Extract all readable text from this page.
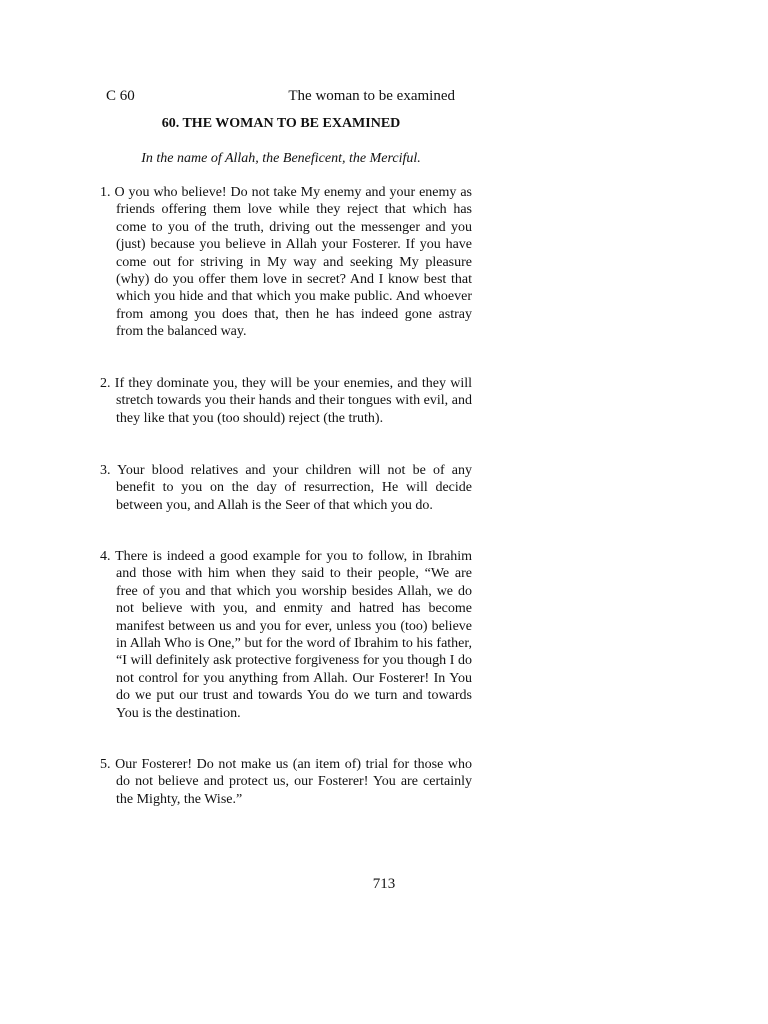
C 60	The woman to be examined
60. THE WOMAN TO BE EXAMINED
In the name of Allah, the Beneficent, the Merciful.

1. O you who believe! Do not take My enemy and your enemy as friends offering them love while they reject that which has come to you of the truth, driving out the messenger and you (just) because you believe in Allah your Fosterer. If you have come out for striving in My way and seeking My pleasure (why) do you offer them love in secret? And I know best that which you hide and that which you make public. And whoever from among you does that, then he has indeed gone astray from the balanced way.

2. If they dominate you, they will be your enemies, and they will stretch towards you their hands and their tongues with evil, and they like that you (too should) reject (the truth).

3. Your blood relatives and your children will not be of any benefit to you on the day of resurrection, He will decide between you, and Allah is the Seer of that which you do.

4. There is indeed a good example for you to follow, in Ibrahim and those with him when they said to their people, “We are free of you and that which you worship besides Allah, we do not believe with you, and enmity and hatred has become manifest between us and you for ever, unless you (too) believe in Allah Who is One,” but for the word of Ibrahim to his father, “I will definitely ask protective forgiveness for you though I do not control for you anything from Allah. Our Fosterer! In You do we put our trust and towards You do we turn and towards You is the destination.

5. Our Fosterer! Do not make us (an item of) trial for those who do not believe and protect us, our Fosterer! You are certainly the Mighty, the Wise.”

713
